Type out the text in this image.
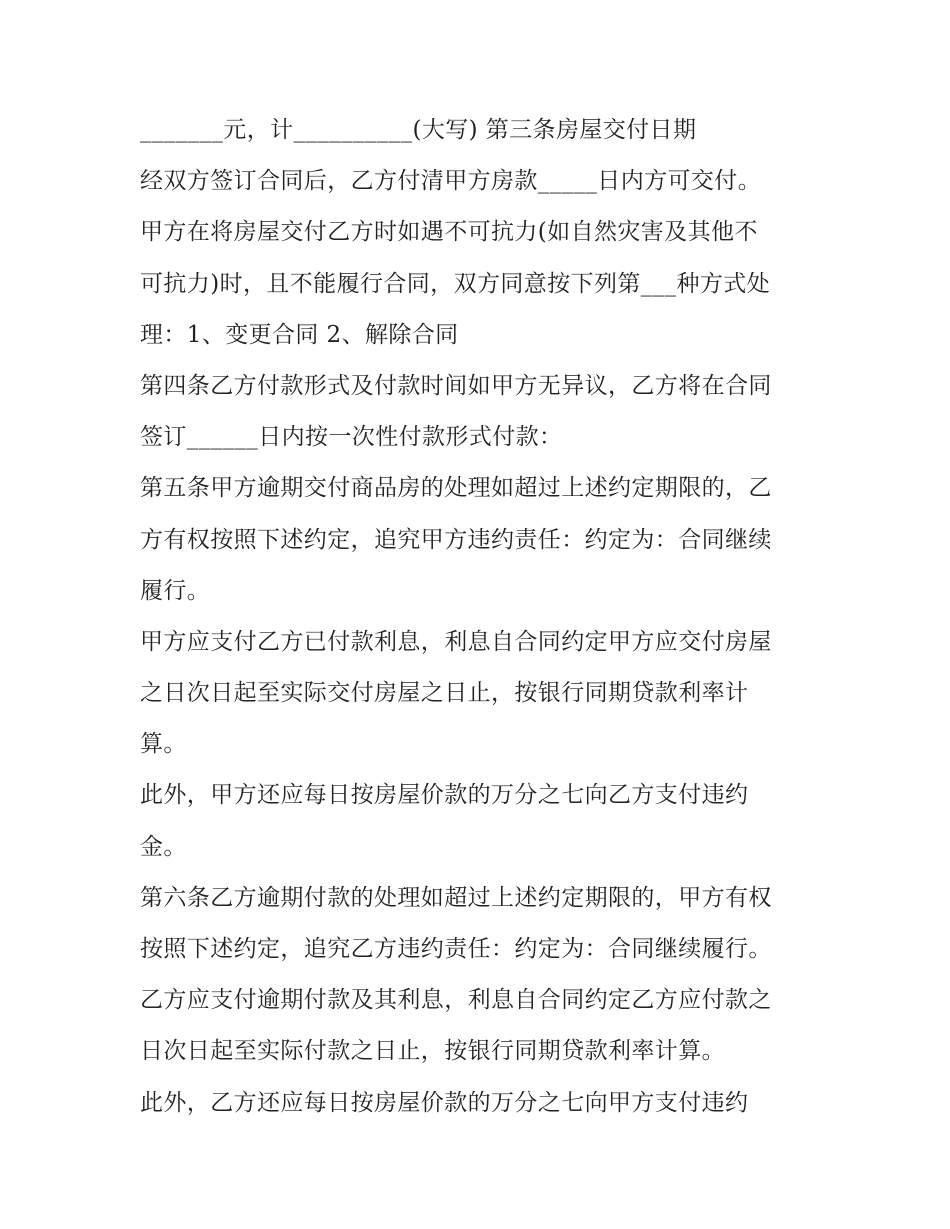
_______元，计__________(大写) 第三条房屋交付日期
经双方签订合同后，乙方付清甲方房款_____日内方可交付。
甲方在将房屋交付乙方时如遇不可抗力(如自然灾害及其他不
可抗力)时，且不能履行合同，双方同意按下列第___种方式处
理：1、变更合同 2、解除合同
第四条乙方付款形式及付款时间如甲方无异议，乙方将在合同
签订______日内按一次性付款形式付款：
第五条甲方逾期交付商品房的处理如超过上述约定期限的，乙
方有权按照下述约定，追究甲方违约责任：约定为：合同继续
履行。
甲方应支付乙方已付款利息，利息自合同约定甲方应交付房屋
之日次日起至实际交付房屋之日止，按银行同期贷款利率计
算。
此外，甲方还应每日按房屋价款的万分之七向乙方支付违约
金。
第六条乙方逾期付款的处理如超过上述约定期限的，甲方有权
按照下述约定，追究乙方违约责任：约定为：合同继续履行。
乙方应支付逾期付款及其利息，利息自合同约定乙方应付款之
日次日起至实际付款之日止，按银行同期贷款利率计算。
此外，乙方还应每日按房屋价款的万分之七向甲方支付违约
